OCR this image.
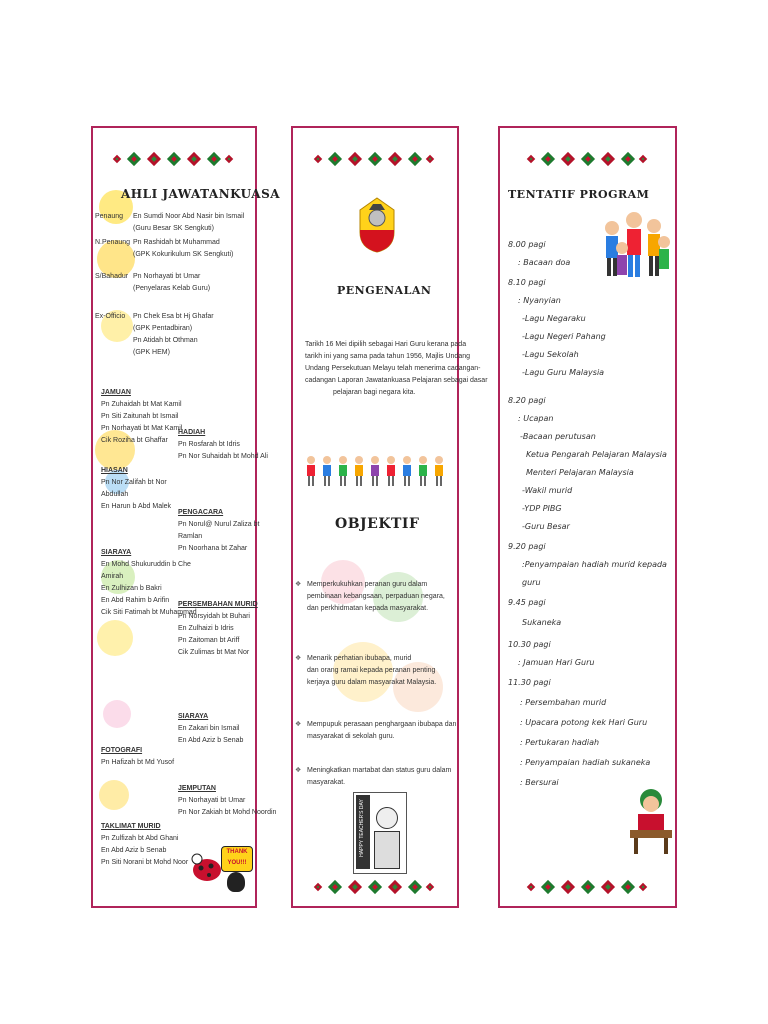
AHLI JAWATANKUASA
Penaung En Sumdi Noor Abd Nasir bin Ismail
(Guru Besar SK Sengkuti)
N.Penaung Pn Rashidah bt Muhammad
(GPK Kokurikulum SK Sengkuti)
S/Bahadur Pn Norhayati bt Umar
(Penyelaras Kelab Guru)
Ex-Officio Pn Chek Esa bt Hj Ghafar
(GPK Pentadbiran)
Pn Atidah bt Othman
(GPK HEM)
JAMUAN
Pn Zuhaidah bt Mat Kamil
Pn Siti Zaitunah bt Ismail
Pn Norhayati bt Mat Kamil
Cik Roziha bt Ghaffar
HIASAN
Pn Nor Zalifah bt Nor
Abdullah
En Harun b Abd Malek
SIARAYA
En Mohd Shukuruddin b Che
Amirah
En Zulhizan b Bakri
En Abd Rahim b Arifin
Cik Siti Fatimah bt Muhammad
FOTOGRAFI
Pn Hafizah bt Md Yusof
TAKLIMAT MURID
Pn Zulfizah bt Abd Ghani
En Abd Aziz b Senab
Pn Siti Norani bt Mohd Noor
HADIAH
Pn Rosfarah bt Idris
Pn Nor Suhaidah bt Mohd Ali
PENGACARA
Pn Norul@ Nurul Zaliza bt
Ramlan
Pn Noorhana bt Zahar
PERSEMBAHAN MURID
Pn Norsyidah bt Buhari
En Zulhaizi b Idris
Pn Zaitoman bt Ariff
Cik Zulimas bt Mat Nor
SIARAYA
En Zakari bin Ismail
En Abd Aziz b Senab
JEMPUTAN
Pn Norhayati bt Umar
Pn Nor Zakiah bt Mohd Noordin
THANK YOU!!!
PENGENALAN
Tarikh 16 Mei dipilih sebagai Hari Guru kerana pada
tarikh ini yang sama pada tahun 1956, Majlis Undang
Undang Persekutuan Melayu telah menerima cadangan-
cadangan Laporan Jawatankuasa Pelajaran sebagai dasar
pelajaran bagi negara kita.
OBJEKTIF
❖ Memperkukuhkan peranan guru dalam
pembinaan kebangsaan, perpaduan negara,
dan perkhidmatan kepada masyarakat.
❖ Menarik perhatian ibubapa, murid
dan orang ramai kepada peranan penting
kerjaya guru dalam masyarakat Malaysia.
❖ Mempupuk perasaan penghargaan ibubapa dan
masyarakat di sekolah guru.
❖ Meningkatkan martabat dan status guru dalam
masyarakat.
HAPPY TEACHER'S DAY
TENTATIF PROGRAM
8.00 pagi
: Bacaan doa
8.10 pagi
: Nyanyian
-Lagu Negaraku
-Lagu Negeri Pahang
-Lagu Sekolah
-Lagu Guru Malaysia
8.20 pagi
: Ucapan
-Bacaan perutusan
Ketua Pengarah Pelajaran Malaysia
Menteri Pelajaran Malaysia
-Wakil murid
-YDP PIBG
-Guru Besar
9.20 pagi
:Penyampaian hadiah murid kepada
guru
9.45 pagi
Sukaneka
10.30 pagi
: Jamuan Hari Guru
11.30 pagi
: Persembahan murid
: Upacara potong kek Hari Guru
: Pertukaran hadiah
: Penyampaian hadiah sukaneka
: Bersurai
